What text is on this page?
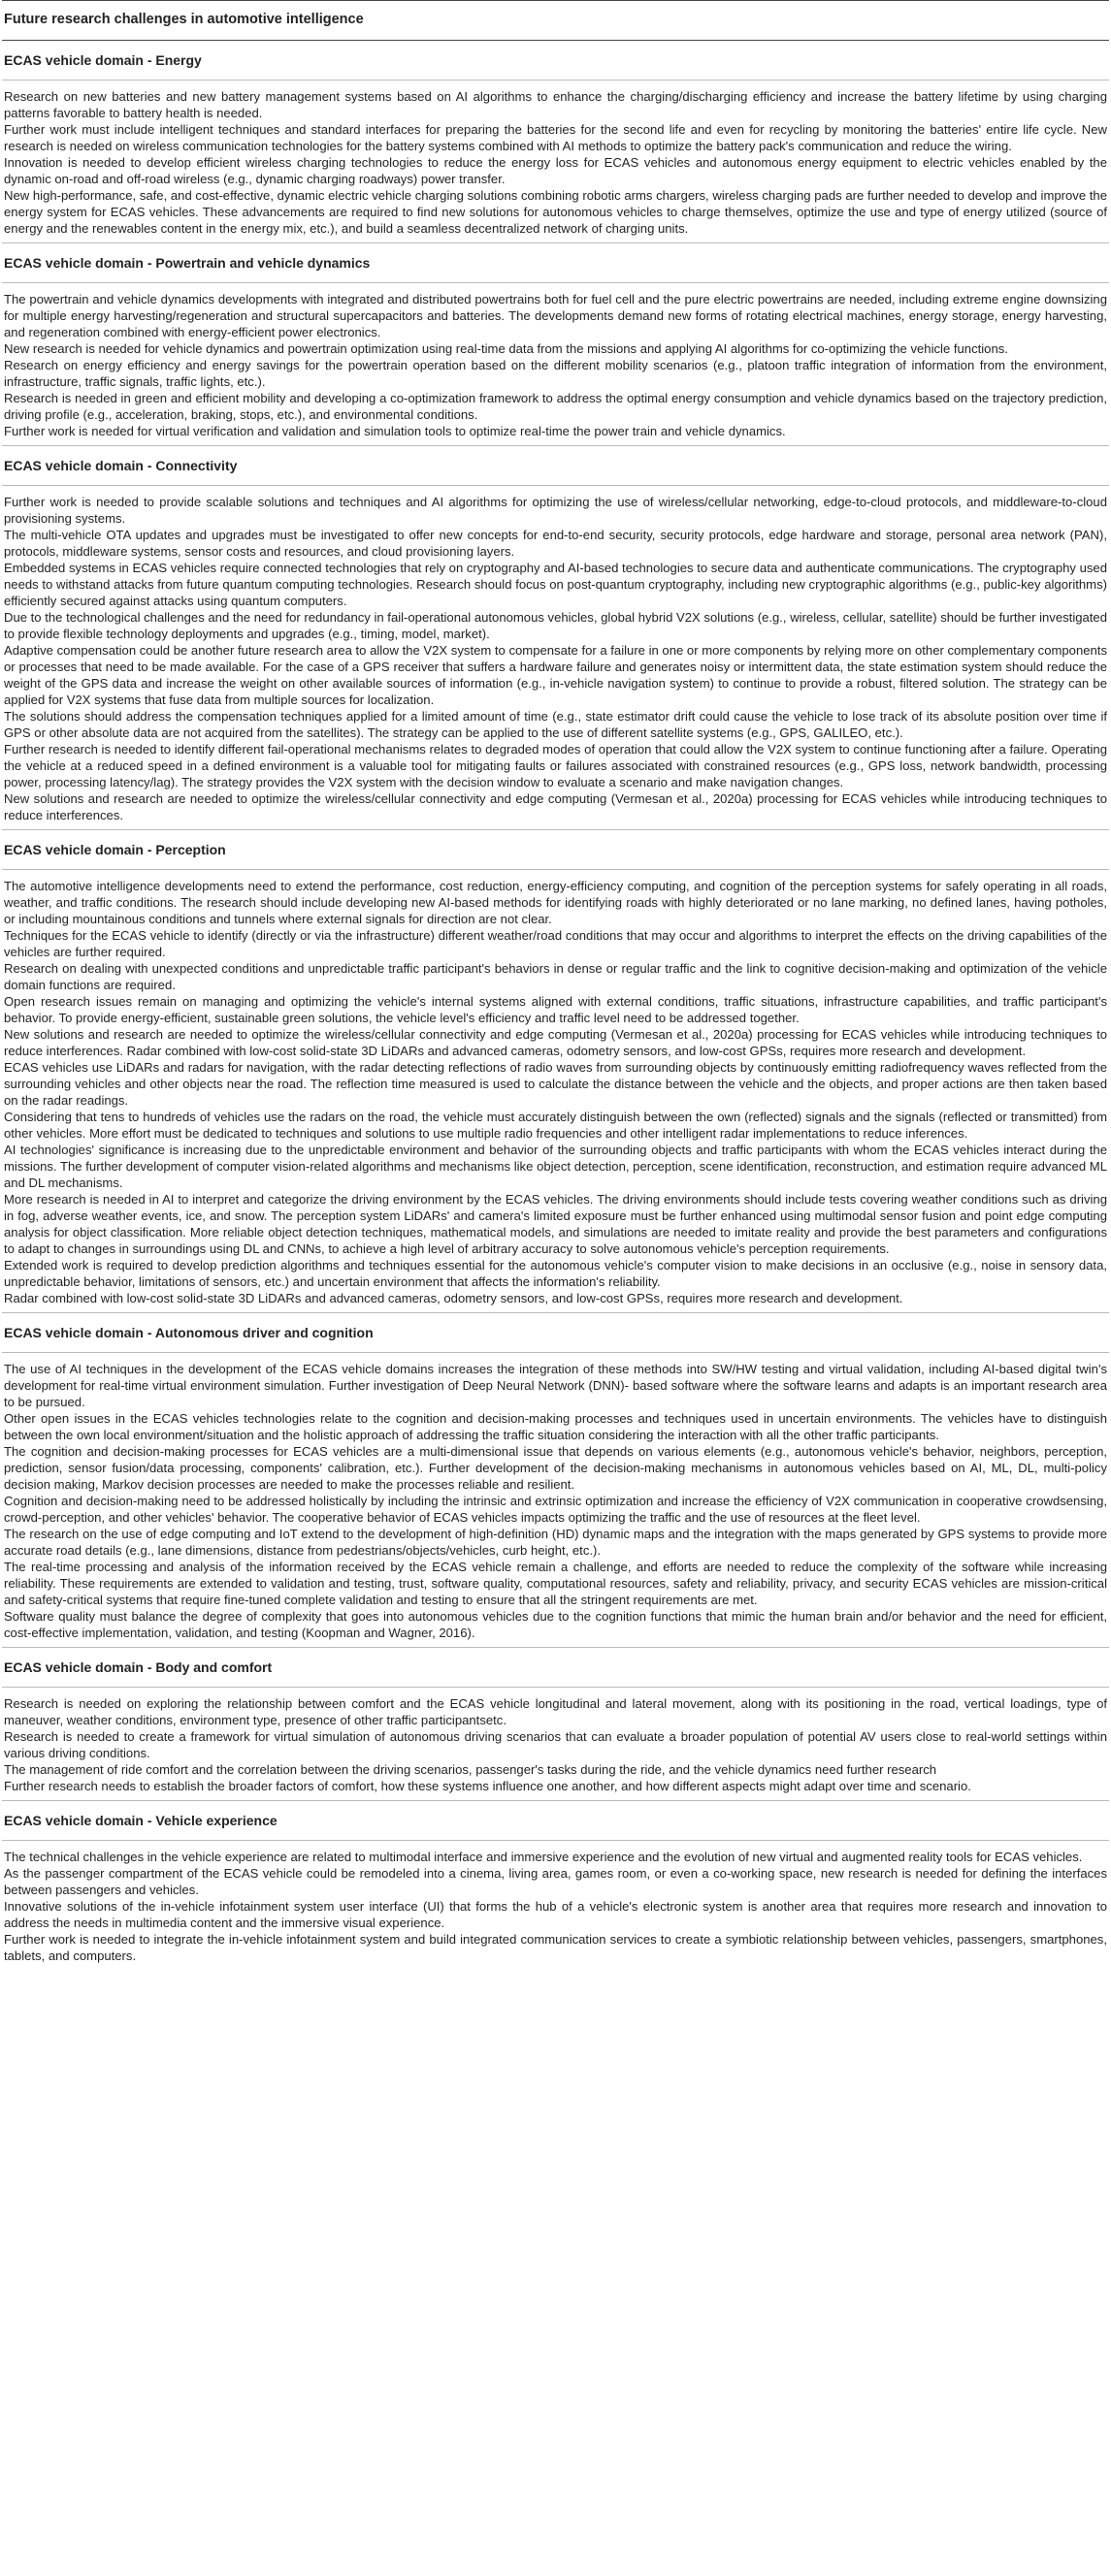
Future research challenges in automotive intelligence
ECAS vehicle domain - Energy

Research on new batteries and new battery management systems based on AI algorithms to enhance the charging/discharging efficiency and increase the battery lifetime by using charging patterns favorable to battery health is needed.

Further work must include intelligent techniques and standard interfaces for preparing the batteries for the second life and even for recycling by monitoring the batteries' entire life cycle. New research is needed on wireless communication technologies for the battery systems combined with AI methods to optimize the battery pack's communication and reduce the wiring.

Innovation is needed to develop efficient wireless charging technologies to reduce the energy loss for ECAS vehicles and autonomous energy equipment to electric vehicles enabled by the dynamic on-road and off-road wireless (e.g., dynamic charging roadways) power transfer.

New high-performance, safe, and cost-effective, dynamic electric vehicle charging solutions combining robotic arms chargers, wireless charging pads are further needed to develop and improve the energy system for ECAS vehicles. These advancements are required to find new solutions for autonomous vehicles to charge themselves, optimize the use and type of energy utilized (source of energy and the renewables content in the energy mix, etc.), and build a seamless decentralized network of charging units.

ECAS vehicle domain - Powertrain and vehicle dynamics

The powertrain and vehicle dynamics developments with integrated and distributed powertrains both for fuel cell and the pure electric powertrains are needed, including extreme engine downsizing for multiple energy harvesting/regeneration and structural supercapacitors and batteries. The developments demand new forms of rotating electrical machines, energy storage, energy harvesting, and regeneration combined with energy-efficient power electronics.

New research is needed for vehicle dynamics and powertrain optimization using real-time data from the missions and applying AI algorithms for co-optimizing the vehicle functions.

Research on energy efficiency and energy savings for the powertrain operation based on the different mobility scenarios (e.g., platoon traffic integration of information from the environment, infrastructure, traffic signals, traffic lights, etc.).

Research is needed in green and efficient mobility and developing a co-optimization framework to address the optimal energy consumption and vehicle dynamics based on the trajectory prediction, driving profile (e.g., acceleration, braking, stops, etc.), and environmental conditions.

Further work is needed for virtual verification and validation and simulation tools to optimize real-time the power train and vehicle dynamics.

ECAS vehicle domain - Connectivity

Further work is needed to provide scalable solutions and techniques and AI algorithms for optimizing the use of wireless/cellular networking, edge-to-cloud protocols, and middleware-to-cloud provisioning systems.

The multi-vehicle OTA updates and upgrades must be investigated to offer new concepts for end-to-end security, security protocols, edge hardware and storage, personal area network (PAN), protocols, middleware systems, sensor costs and resources, and cloud provisioning layers.

Embedded systems in ECAS vehicles require connected technologies that rely on cryptography and AI-based technologies to secure data and authenticate communications. The cryptography used needs to withstand attacks from future quantum computing technologies. Research should focus on post-quantum cryptography, including new cryptographic algorithms (e.g., public-key algorithms) efficiently secured against attacks using quantum computers.

Due to the technological challenges and the need for redundancy in fail-operational autonomous vehicles, global hybrid V2X solutions (e.g., wireless, cellular, satellite) should be further investigated to provide flexible technology deployments and upgrades (e.g., timing, model, market).

Adaptive compensation could be another future research area to allow the V2X system to compensate for a failure in one or more components by relying more on other complementary components or processes that need to be made available. For the case of a GPS receiver that suffers a hardware failure and generates noisy or intermittent data, the state estimation system should reduce the weight of the GPS data and increase the weight on other available sources of information (e.g., in-vehicle navigation system) to continue to provide a robust, filtered solution. The strategy can be applied for V2X systems that fuse data from multiple sources for localization.

The solutions should address the compensation techniques applied for a limited amount of time (e.g., state estimator drift could cause the vehicle to lose track of its absolute position over time if GPS or other absolute data are not acquired from the satellites). The strategy can be applied to the use of different satellite systems (e.g., GPS, GALILEO, etc.).

Further research is needed to identify different fail-operational mechanisms relates to degraded modes of operation that could allow the V2X system to continue functioning after a failure. Operating the vehicle at a reduced speed in a defined environment is a valuable tool for mitigating faults or failures associated with constrained resources (e.g., GPS loss, network bandwidth, processing power, processing latency/lag). The strategy provides the V2X system with the decision window to evaluate a scenario and make navigation changes.

New solutions and research are needed to optimize the wireless/cellular connectivity and edge computing (Vermesan et al., 2020a) processing for ECAS vehicles while introducing techniques to reduce interferences.

ECAS vehicle domain - Perception

The automotive intelligence developments need to extend the performance, cost reduction, energy-efficiency computing, and cognition of the perception systems for safely operating in all roads, weather, and traffic conditions. The research should include developing new AI-based methods for identifying roads with highly deteriorated or no lane marking, no defined lanes, having potholes, or including mountainous conditions and tunnels where external signals for direction are not clear.

Techniques for the ECAS vehicle to identify (directly or via the infrastructure) different weather/road conditions that may occur and algorithms to interpret the effects on the driving capabilities of the vehicles are further required.

Research on dealing with unexpected conditions and unpredictable traffic participant's behaviors in dense or regular traffic and the link to cognitive decision-making and optimization of the vehicle domain functions are required.

Open research issues remain on managing and optimizing the vehicle's internal systems aligned with external conditions, traffic situations, infrastructure capabilities, and traffic participant's behavior. To provide energy-efficient, sustainable green solutions, the vehicle level's efficiency and traffic level need to be addressed together.

New solutions and research are needed to optimize the wireless/cellular connectivity and edge computing (Vermesan et al., 2020a) processing for ECAS vehicles while introducing techniques to reduce interferences. Radar combined with low-cost solid-state 3D LiDARs and advanced cameras, odometry sensors, and low-cost GPSs, requires more research and development.

ECAS vehicles use LiDARs and radars for navigation, with the radar detecting reflections of radio waves from surrounding objects by continuously emitting radiofrequency waves reflected from the surrounding vehicles and other objects near the road. The reflection time measured is used to calculate the distance between the vehicle and the objects, and proper actions are then taken based on the radar readings.

Considering that tens to hundreds of vehicles use the radars on the road, the vehicle must accurately distinguish between the own (reflected) signals and the signals (reflected or transmitted) from other vehicles. More effort must be dedicated to techniques and solutions to use multiple radio frequencies and other intelligent radar implementations to reduce inferences.

AI technologies' significance is increasing due to the unpredictable environment and behavior of the surrounding objects and traffic participants with whom the ECAS vehicles interact during the missions. The further development of computer vision-related algorithms and mechanisms like object detection, perception, scene identification, reconstruction, and estimation require advanced ML and DL mechanisms.

More research is needed in AI to interpret and categorize the driving environment by the ECAS vehicles. The driving environments should include tests covering weather conditions such as driving in fog, adverse weather events, ice, and snow. The perception system LiDARs' and camera's limited exposure must be further enhanced using multimodal sensor fusion and point edge computing analysis for object classification. More reliable object detection techniques, mathematical models, and simulations are needed to imitate reality and provide the best parameters and configurations to adapt to changes in surroundings using DL and CNNs, to achieve a high level of arbitrary accuracy to solve autonomous vehicle's perception requirements.

Extended work is required to develop prediction algorithms and techniques essential for the autonomous vehicle's computer vision to make decisions in an occlusive (e.g., noise in sensory data, unpredictable behavior, limitations of sensors, etc.) and uncertain environment that affects the information's reliability.

Radar combined with low-cost solid-state 3D LiDARs and advanced cameras, odometry sensors, and low-cost GPSs, requires more research and development.

ECAS vehicle domain - Autonomous driver and cognition

The use of AI techniques in the development of the ECAS vehicle domains increases the integration of these methods into SW/HW testing and virtual validation, including AI-based digital twin's development for real-time virtual environment simulation. Further investigation of Deep Neural Network (DNN)- based software where the software learns and adapts is an important research area to be pursued.

Other open issues in the ECAS vehicles technologies relate to the cognition and decision-making processes and techniques used in uncertain environments. The vehicles have to distinguish between the own local environment/situation and the holistic approach of addressing the traffic situation considering the interaction with all the other traffic participants.

The cognition and decision-making processes for ECAS vehicles are a multi-dimensional issue that depends on various elements (e.g., autonomous vehicle's behavior, neighbors, perception, prediction, sensor fusion/data processing, components' calibration, etc.). Further development of the decision-making mechanisms in autonomous vehicles based on AI, ML, DL, multi-policy decision making, Markov decision processes are needed to make the processes reliable and resilient.

Cognition and decision-making need to be addressed holistically by including the intrinsic and extrinsic optimization and increase the efficiency of V2X communication in cooperative crowdsensing, crowd-perception, and other vehicles' behavior. The cooperative behavior of ECAS vehicles impacts optimizing the traffic and the use of resources at the fleet level.

The research on the use of edge computing and IoT extend to the development of high-definition (HD) dynamic maps and the integration with the maps generated by GPS systems to provide more accurate road details (e.g., lane dimensions, distance from pedestrians/objects/vehicles, curb height, etc.).

The real-time processing and analysis of the information received by the ECAS vehicle remain a challenge, and efforts are needed to reduce the complexity of the software while increasing reliability. These requirements are extended to validation and testing, trust, software quality, computational resources, safety and reliability, privacy, and security ECAS vehicles are mission-critical and safety-critical systems that require fine-tuned complete validation and testing to ensure that all the stringent requirements are met.

Software quality must balance the degree of complexity that goes into autonomous vehicles due to the cognition functions that mimic the human brain and/or behavior and the need for efficient, cost-effective implementation, validation, and testing (Koopman and Wagner, 2016).

ECAS vehicle domain - Body and comfort

Research is needed on exploring the relationship between comfort and the ECAS vehicle longitudinal and lateral movement, along with its positioning in the road, vertical loadings, type of maneuver, weather conditions, environment type, presence of other traffic participantsetc.

Research is needed to create a framework for virtual simulation of autonomous driving scenarios that can evaluate a broader population of potential AV users close to real-world settings within various driving conditions.

The management of ride comfort and the correlation between the driving scenarios, passenger's tasks during the ride, and the vehicle dynamics need further research

Further research needs to establish the broader factors of comfort, how these systems influence one another, and how different aspects might adapt over time and scenario.

ECAS vehicle domain - Vehicle experience

The technical challenges in the vehicle experience are related to multimodal interface and immersive experience and the evolution of new virtual and augmented reality tools for ECAS vehicles.

As the passenger compartment of the ECAS vehicle could be remodeled into a cinema, living area, games room, or even a co-working space, new research is needed for defining the interfaces between passengers and vehicles.

Innovative solutions of the in-vehicle infotainment system user interface (UI) that forms the hub of a vehicle's electronic system is another area that requires more research and innovation to address the needs in multimedia content and the immersive visual experience.

Further work is needed to integrate the in-vehicle infotainment system and build integrated communication services to create a symbiotic relationship between vehicles, passengers, smartphones, tablets, and computers.
